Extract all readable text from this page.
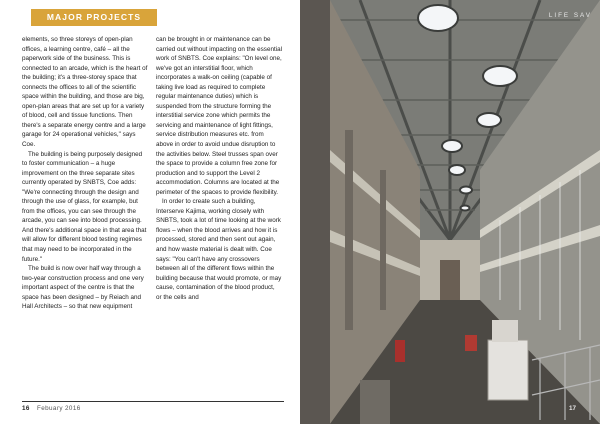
MAJOR PROJECTS

elements, so three storeys of open-plan offices, a learning centre, café – all the paperwork side of the business. This is connected to an arcade, which is the heart of the building; it's a three-storey space that connects the offices to all of the scientific space within the building, and those are big, open-plan areas that are set up for a variety of blood, cell and tissue functions. Then there's a separate energy centre and a large garage for 24 operational vehicles," says Coe.

The building is being purposely designed to foster communication – a huge improvement on the three separate sites currently operated by SNBTS, Coe adds: "We're connecting through the design and through the use of glass, for example, but from the offices, you can see through the arcade, you can see into blood processing. And there's additional space in that area that will allow for different blood testing regimes that may need to be incorporated in the future."

The build is now over half way through a two-year construction process and one very important aspect of the centre is that the space has been designed – by Reiach and Hall Architects – so that new equipment

can be brought in or maintenance can be carried out without impacting on the essential work of SNBTS. Coe explains: "On level one, we've got an interstitial floor, which incorporates a walk-on ceiling (capable of taking live load as required to complete regular maintenance duties) which is suspended from the structure forming the interstitial service zone which permits the servicing and maintenance of light fittings, service distribution measures etc. from above in order to avoid undue disruption to the activities below. Steel trusses span over the space to provide a column free zone for production and to support the Level 2 accommodation. Columns are located at the perimeter of the spaces to provide flexibility.

In order to create such a building, Interserve Kajima, working closely with SNBTS, took a lot of time looking at the work flows – when the blood arrives and how it is processed, stored and then sent out again, and how waste material is dealt with. Coe says: "You can't have any crossovers between all of the different flows within the building because that would promote, or may cause, contamination of the blood product, or the cells and

16 Febuary 2016
LIFE SAV
17
